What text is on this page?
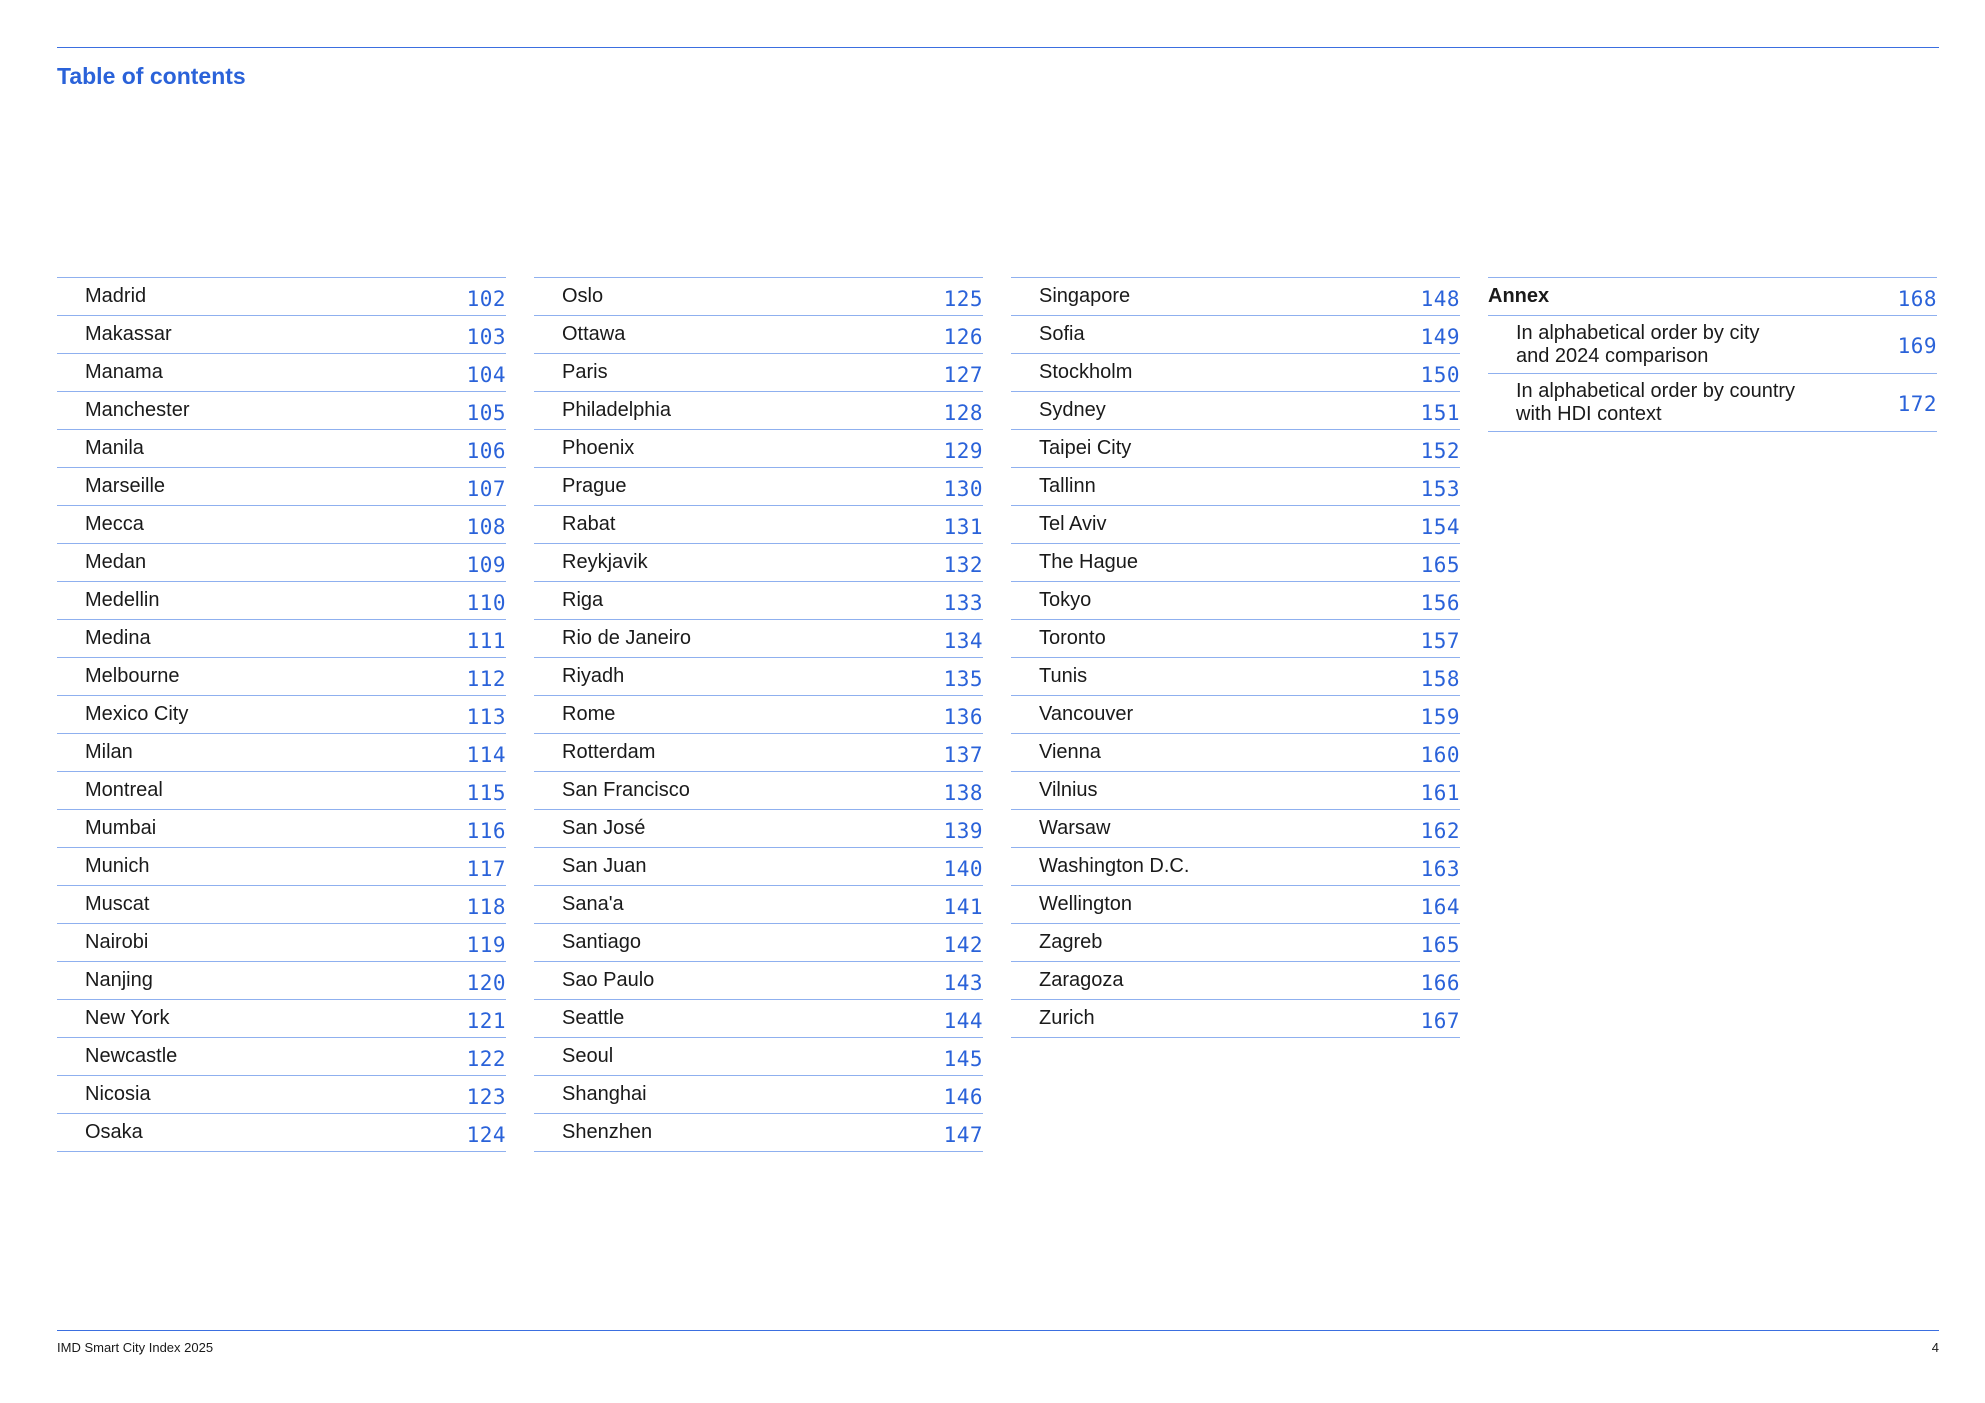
Table of contents
Madrid	102
Makassar	103
Manama	104
Manchester	105
Manila	106
Marseille	107
Mecca	108
Medan	109
Medellin	110
Medina	111
Melbourne	112
Mexico City	113
Milan	114
Montreal	115
Mumbai	116
Munich	117
Muscat	118
Nairobi	119
Nanjing	120
New York	121
Newcastle	122
Nicosia	123
Osaka	124
Oslo	125
Ottawa	126
Paris	127
Philadelphia	128
Phoenix	129
Prague	130
Rabat	131
Reykjavik	132
Riga	133
Rio de Janeiro	134
Riyadh	135
Rome	136
Rotterdam	137
San Francisco	138
San José	139
San Juan	140
Sana'a	141
Santiago	142
Sao Paulo	143
Seattle	144
Seoul	145
Shanghai	146
Shenzhen	147
Singapore	148
Sofia	149
Stockholm	150
Sydney	151
Taipei City	152
Tallinn	153
Tel Aviv	154
The Hague	165
Tokyo	156
Toronto	157
Tunis	158
Vancouver	159
Vienna	160
Vilnius	161
Warsaw	162
Washington D.C.	163
Wellington	164
Zagreb	165
Zaragoza	166
Zurich	167
Annex	168
In alphabetical order by city
and 2024 comparison	169
In alphabetical order by country
with HDI context	172
IMD Smart City Index 2025	4
